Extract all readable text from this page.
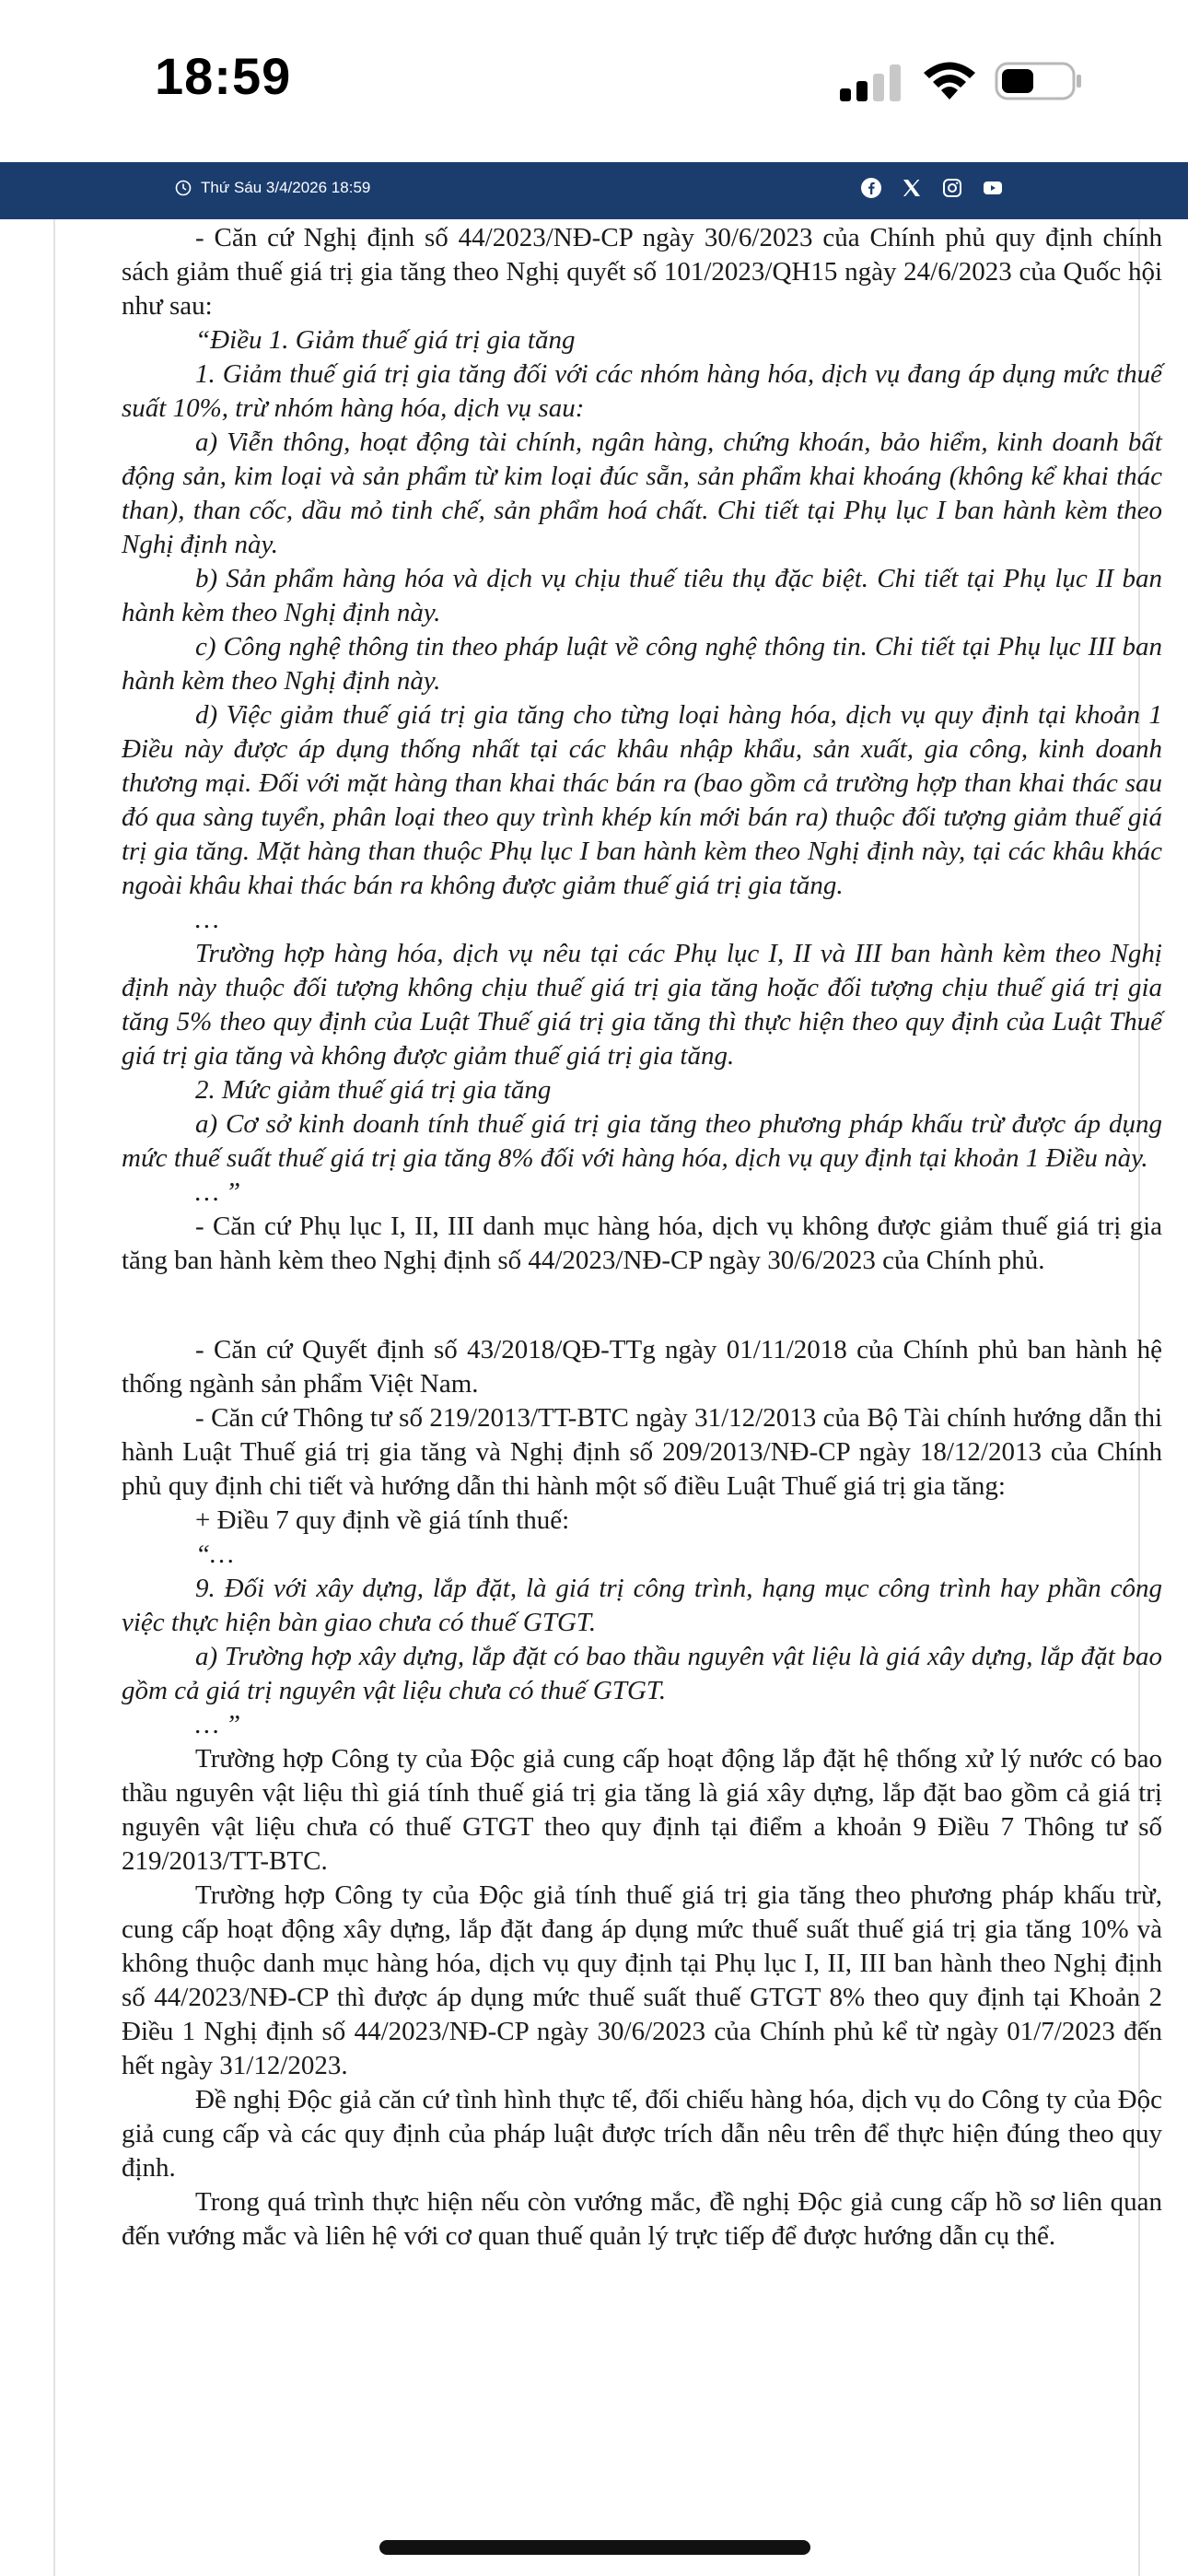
18:59
Thứ Sáu 3/4/2026 18:59

- Căn cứ Nghị định số 44/2023/NĐ-CP ngày 30/6/2023 của Chính phủ quy định chính sách giảm thuế giá trị gia tăng theo Nghị quyết số 101/2023/QH15 ngày 24/6/2023 của Quốc hội như sau:

“Điều 1. Giảm thuế giá trị gia tăng

1. Giảm thuế giá trị gia tăng đối với các nhóm hàng hóa, dịch vụ đang áp dụng mức thuế suất 10%, trừ nhóm hàng hóa, dịch vụ sau:

a) Viễn thông, hoạt động tài chính, ngân hàng, chứng khoán, bảo hiểm, kinh doanh bất động sản, kim loại và sản phẩm từ kim loại đúc sẵn, sản phẩm khai khoáng (không kể khai thác than), than cốc, dầu mỏ tinh chế, sản phẩm hoá chất. Chi tiết tại Phụ lục I ban hành kèm theo Nghị định này.

b) Sản phẩm hàng hóa và dịch vụ chịu thuế tiêu thụ đặc biệt. Chi tiết tại Phụ lục II ban hành kèm theo Nghị định này.

c) Công nghệ thông tin theo pháp luật về công nghệ thông tin. Chi tiết tại Phụ lục III ban hành kèm theo Nghị định này.

d) Việc giảm thuế giá trị gia tăng cho từng loại hàng hóa, dịch vụ quy định tại khoản 1 Điều này được áp dụng thống nhất tại các khâu nhập khẩu, sản xuất, gia công, kinh doanh thương mại. Đối với mặt hàng than khai thác bán ra (bao gồm cả trường hợp than khai thác sau đó qua sàng tuyển, phân loại theo quy trình khép kín mới bán ra) thuộc đối tượng giảm thuế giá trị gia tăng. Mặt hàng than thuộc Phụ lục I ban hành kèm theo Nghị định này, tại các khâu khác ngoài khâu khai thác bán ra không được giảm thuế giá trị gia tăng.

…

Trường hợp hàng hóa, dịch vụ nêu tại các Phụ lục I, II và III ban hành kèm theo Nghị định này thuộc đối tượng không chịu thuế giá trị gia tăng hoặc đối tượng chịu thuế giá trị gia tăng 5% theo quy định của Luật Thuế giá trị gia tăng thì thực hiện theo quy định của Luật Thuế giá trị gia tăng và không được giảm thuế giá trị gia tăng.

2. Mức giảm thuế giá trị gia tăng

a) Cơ sở kinh doanh tính thuế giá trị gia tăng theo phương pháp khấu trừ được áp dụng mức thuế suất thuế giá trị gia tăng 8% đối với hàng hóa, dịch vụ quy định tại khoản 1 Điều này.

… ”

- Căn cứ Phụ lục I, II, III danh mục hàng hóa, dịch vụ không được giảm thuế giá trị gia tăng ban hành kèm theo Nghị định số 44/2023/NĐ-CP ngày 30/6/2023 của Chính phủ.

- Căn cứ Quyết định số 43/2018/QĐ-TTg ngày 01/11/2018 của Chính phủ ban hành hệ thống ngành sản phẩm Việt Nam.

- Căn cứ Thông tư số 219/2013/TT-BTC ngày 31/12/2013 của Bộ Tài chính hướng dẫn thi hành Luật Thuế giá trị gia tăng và Nghị định số 209/2013/NĐ-CP ngày 18/12/2013 của Chính phủ quy định chi tiết và hướng dẫn thi hành một số điều Luật Thuế giá trị gia tăng:

+ Điều 7 quy định về giá tính thuế:

“…

9. Đối với xây dựng, lắp đặt, là giá trị công trình, hạng mục công trình hay phần công việc thực hiện bàn giao chưa có thuế GTGT.

a) Trường hợp xây dựng, lắp đặt có bao thầu nguyên vật liệu là giá xây dựng, lắp đặt bao gồm cả giá trị nguyên vật liệu chưa có thuế GTGT.

… ”

Trường hợp Công ty của Độc giả cung cấp hoạt động lắp đặt hệ thống xử lý nước có bao thầu nguyên vật liệu thì giá tính thuế giá trị gia tăng là giá xây dựng, lắp đặt bao gồm cả giá trị nguyên vật liệu chưa có thuế GTGT theo quy định tại điểm a khoản 9 Điều 7 Thông tư số 219/2013/TT-BTC.

Trường hợp Công ty của Độc giả tính thuế giá trị gia tăng theo phương pháp khấu trừ, cung cấp hoạt động xây dựng, lắp đặt đang áp dụng mức thuế suất thuế giá trị gia tăng 10% và không thuộc danh mục hàng hóa, dịch vụ quy định tại Phụ lục I, II, III ban hành theo Nghị định số 44/2023/NĐ-CP thì được áp dụng mức thuế suất thuế GTGT 8% theo quy định tại Khoản 2 Điều 1 Nghị định số 44/2023/NĐ-CP ngày 30/6/2023 của Chính phủ kể từ ngày 01/7/2023 đến hết ngày 31/12/2023.

Đề nghị Độc giả căn cứ tình hình thực tế, đối chiếu hàng hóa, dịch vụ do Công ty của Độc giả cung cấp và các quy định của pháp luật được trích dẫn nêu trên để thực hiện đúng theo quy định.

Trong quá trình thực hiện nếu còn vướng mắc, đề nghị Độc giả cung cấp hồ sơ liên quan đến vướng mắc và liên hệ với cơ quan thuế quản lý trực tiếp để được hướng dẫn cụ thể.
